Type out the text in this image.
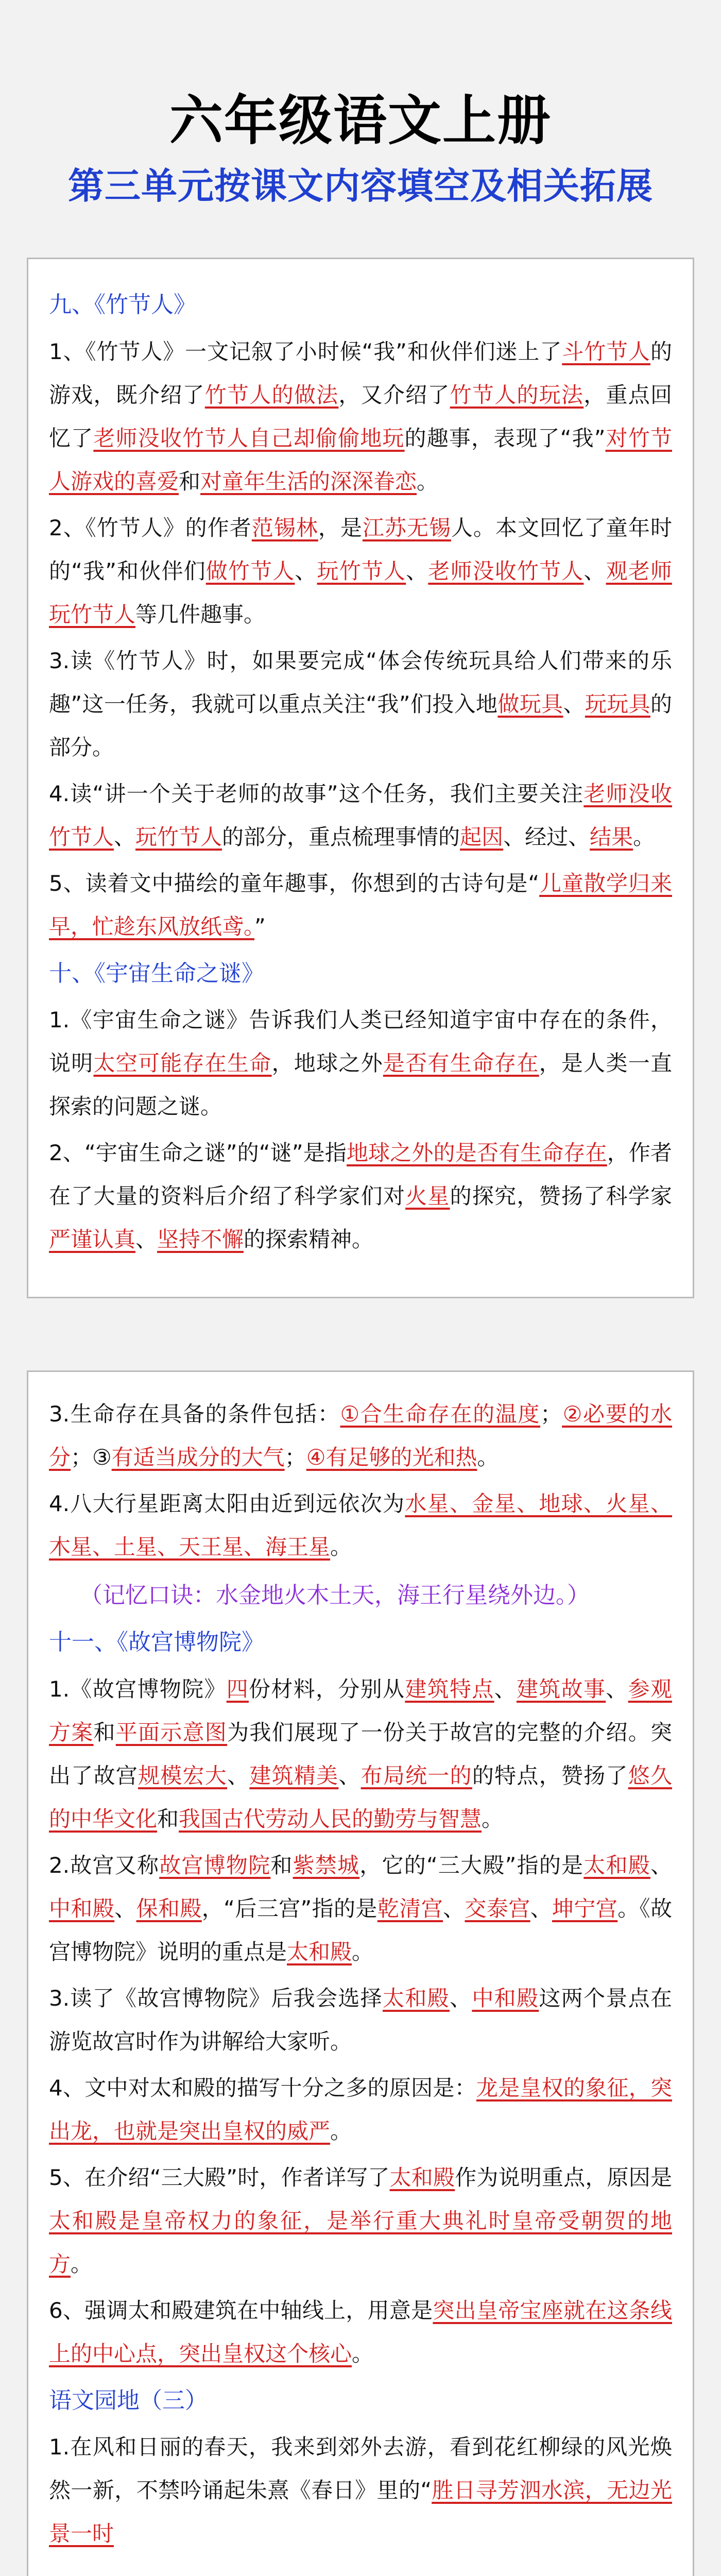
六年级语文上册
第三单元按课文内容填空及相关拓展
九、《竹节人》
1、《竹节人》一文记叙了小时候“我”和伙伴们迷上了斗竹节人的游戏，既介绍了竹节人的做法，又介绍了竹节人的玩法，重点回忆了老师没收竹节人自己却偷偷地玩的趣事，表现了“我”对竹节人游戏的喜爱和对童年生活的深深眷恋。
2、《竹节人》的作者范锡林，是江苏无锡人。本文回忆了童年时的“我”和伙伴们做竹节人、玩竹节人、老师没收竹节人、观老师玩竹节人等几件趣事。
3.读《竹节人》时，如果要完成“体会传统玩具给人们带来的乐趣”这一任务，我就可以重点关注“我”们投入地做玩具、玩玩具的部分。
4.读“讲一个关于老师的故事”这个任务，我们主要关注老师没收竹节人、玩竹节人的部分，重点梳理事情的起因、经过、结果。
5、读着文中描绘的童年趣事，你想到的古诗句是“儿童散学归来早，忙趁东风放纸鸢。”
十、《宇宙生命之谜》
1.《宇宙生命之谜》告诉我们人类已经知道宇宙中存在的条件，说明太空可能存在生命，地球之外是否有生命存在，是人类一直探索的问题之谜。
2、“宇宙生命之谜”的“谜”是指地球之外的是否有生命存在，作者在了大量的资料后介绍了科学家们对火星的探究，赞扬了科学家严谨认真、坚持不懈的探索精神。
3.生命存在具备的条件包括：①合生命存在的温度；②必要的水分；③有适当成分的大气；④有足够的光和热。
4.八大行星距离太阳由近到远依次为水星、金星、地球、火星、木星、土星、天王星、海王星。
（记忆口诀：水金地火木土天，海王行星绕外边。）
十一、《故宫博物院》
1.《故宫博物院》四份材料，分别从建筑特点、建筑故事、参观方案和平面示意图为我们展现了一份关于故宫的完整的介绍。突出了故宫规模宏大、建筑精美、布局统一的的特点，赞扬了悠久的中华文化和我国古代劳动人民的勤劳与智慧。
2.故宫又称故宫博物院和紫禁城，它的“三大殿”指的是太和殿、中和殿、保和殿，“后三宫”指的是乾清宫、交泰宫、坤宁宫。《故宫博物院》说明的重点是太和殿。
3.读了《故宫博物院》后我会选择太和殿、中和殿这两个景点在游览故宫时作为讲解给大家听。
4、文中对太和殿的描写十分之多的原因是：龙是皇权的象征，突出龙，也就是突出皇权的威严。
5、在介绍“三大殿”时，作者详写了太和殿作为说明重点，原因是太和殿是皇帝权力的象征，是举行重大典礼时皇帝受朝贺的地方。
6、强调太和殿建筑在中轴线上，用意是突出皇帝宝座就在这条线上的中心点，突出皇权这个核心。
语文园地（三）
1.在风和日丽的春天，我来到郊外去游，看到花红柳绿的风光焕然一新，不禁吟诵起朱熹《春日》里的“胜日寻芳泗水滨，无边光景一时
